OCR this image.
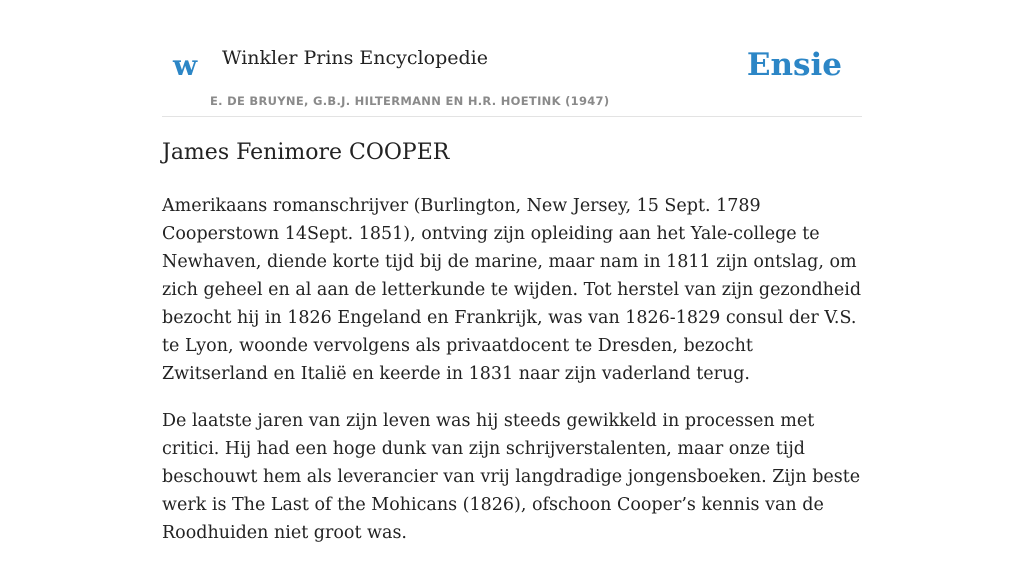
w Winkler Prins Encyclopedie
E. DE BRUYNE, G.B.J. HILTERMANN EN H.R. HOETINK (1947)
Ensie
James Fenimore COOPER

Amerikaans romanschrijver (Burlington, New Jersey, 15 Sept. 1789 Cooperstown 14Sept. 1851), ontving zijn opleiding aan het Yale-college te Newhaven, diende korte tijd bij de marine, maar nam in 1811 zijn ontslag, om zich geheel en al aan de letterkunde te wijden. Tot herstel van zijn gezondheid bezocht hij in 1826 Engeland en Frankrijk, was van 1826-1829 consul der V.S. te Lyon, woonde vervolgens als privaatdocent te Dresden, bezocht Zwitserland en Italië en keerde in 1831 naar zijn vaderland terug.

De laatste jaren van zijn leven was hij steeds gewikkeld in processen met critici. Hij had een hoge dunk van zijn schrijverstalenten, maar onze tijd beschouwt hem als leverancier van vrij langdradige jongensboeken. Zijn beste werk is The Last of the Mohicans (1826), ofschoon Cooper’s kennis van de Roodhuiden niet groot was.
